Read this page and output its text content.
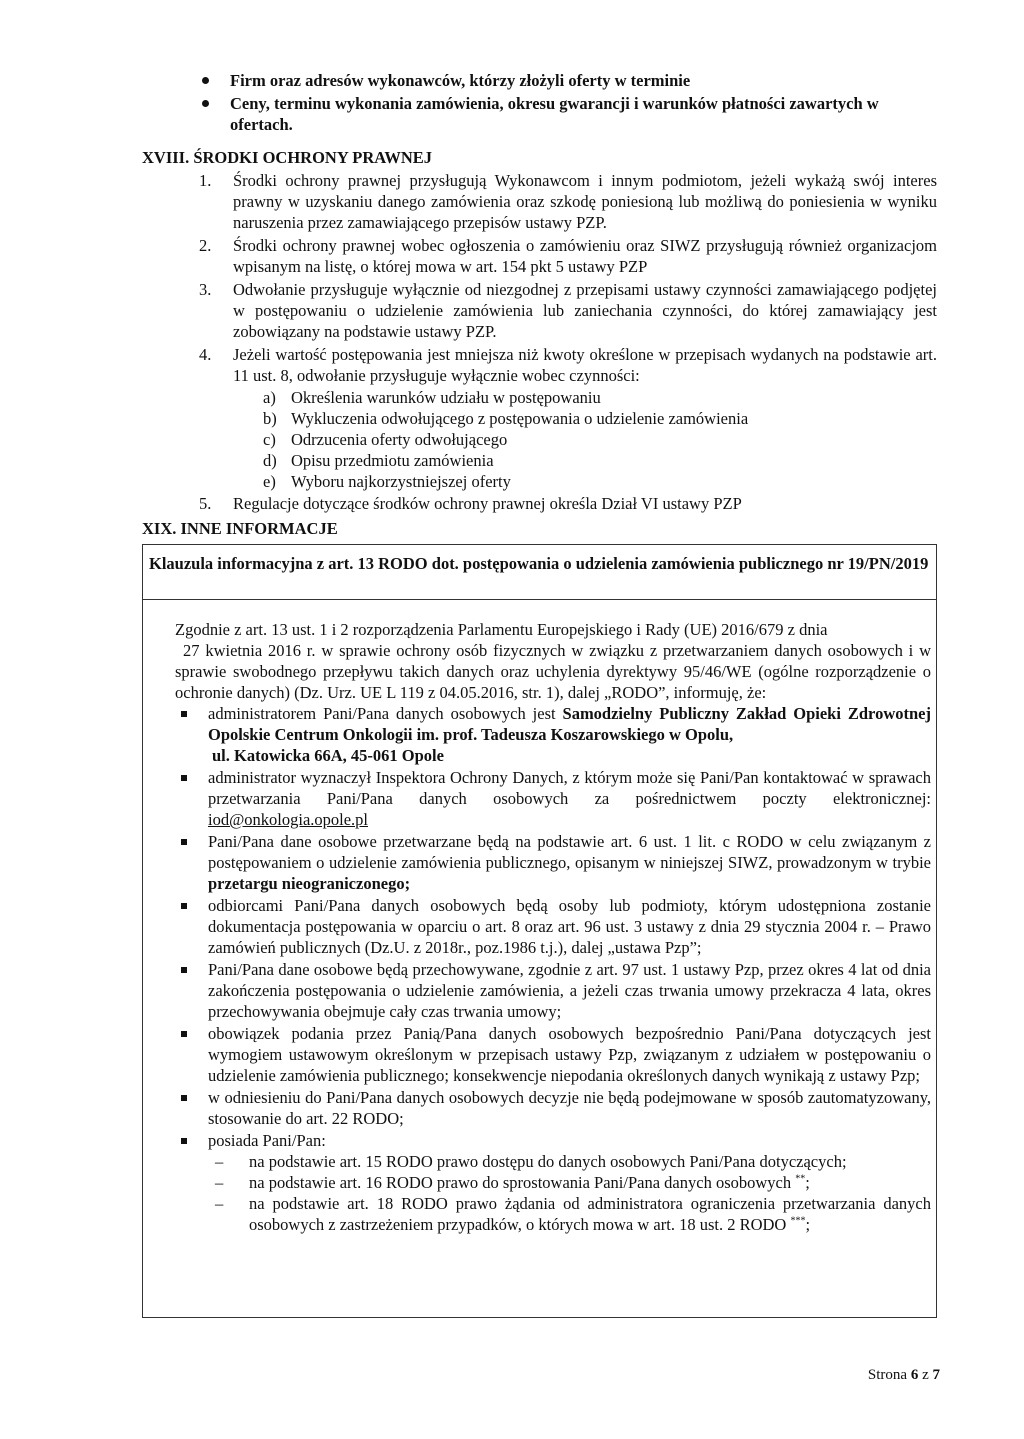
Firm oraz adresów wykonawców, którzy złożyli oferty w terminie
Ceny, terminu wykonania zamówienia, okresu gwarancji i warunków płatności zawartych w ofertach.
XVIII. ŚRODKI OCHRONY PRAWNEJ
1. Środki ochrony prawnej przysługują Wykonawcom i innym podmiotom, jeżeli wykażą swój interes prawny w uzyskaniu danego zamówienia oraz szkodę poniesioną lub możliwą do poniesienia w wyniku naruszenia przez zamawiającego przepisów ustawy PZP.
2. Środki ochrony prawnej wobec ogłoszenia o zamówieniu oraz SIWZ przysługują również organizacjom wpisanym na listę, o której mowa w art. 154 pkt 5 ustawy PZP
3. Odwołanie przysługuje wyłącznie od niezgodnej z przepisami ustawy czynności zamawiającego podjętej w postępowaniu o udzielenie zamówienia lub zaniechania czynności, do której zamawiający jest zobowiązany na podstawie ustawy PZP.
4. Jeżeli wartość postępowania jest mniejsza niż kwoty określone w przepisach wydanych na podstawie art. 11 ust. 8, odwołanie przysługuje wyłącznie wobec czynności:
a) Określenia warunków udziału w postępowaniu
b) Wykluczenia odwołującego z postępowania o udzielenie zamówienia
c) Odrzucenia oferty odwołującego
d) Opisu przedmiotu zamówienia
e) Wyboru najkorzystniejszej oferty
5. Regulacje dotyczące środków ochrony prawnej określa Dział VI ustawy PZP
XIX. INNE INFORMACJE
Klauzula informacyjna z art. 13 RODO dot. postępowania o udzielenia zamówienia publicznego nr 19/PN/2019
Zgodnie z art. 13 ust. 1 i 2 rozporządzenia Parlamentu Europejskiego i Rady (UE) 2016/679 z dnia
27 kwietnia 2016 r. w sprawie ochrony osób fizycznych w związku z przetwarzaniem danych osobowych i w sprawie swobodnego przepływu takich danych oraz uchylenia dyrektywy 95/46/WE (ogólne rozporządzenie o ochronie danych) (Dz. Urz. UE L 119 z 04.05.2016, str. 1), dalej „RODO”, informuję, że:
administratorem Pani/Pana danych osobowych jest Samodzielny Publiczny Zakład Opieki Zdrowotnej Opolskie Centrum Onkologii im. prof. Tadeusza Koszarowskiego w Opolu,
ul. Katowicka 66A, 45-061 Opole
administrator wyznaczył Inspektora Ochrony Danych, z którym może się Pani/Pan kontaktować w sprawach przetwarzania Pani/Pana danych osobowych za pośrednictwem poczty elektronicznej: iod@onkologia.opole.pl
Pani/Pana dane osobowe przetwarzane będą na podstawie art. 6 ust. 1 lit. c RODO w celu związanym z postępowaniem o udzielenie zamówienia publicznego, opisanym w niniejszej SIWZ, prowadzonym w trybie przetargu nieograniczonego;
odbiorcami Pani/Pana danych osobowych będą osoby lub podmioty, którym udostępniona zostanie dokumentacja postępowania w oparciu o art. 8 oraz art. 96 ust. 3 ustawy z dnia 29 stycznia 2004 r. – Prawo zamówień publicznych (Dz.U. z 2018r., poz.1986 t.j.), dalej „ustawa Pzp”;
Pani/Pana dane osobowe będą przechowywane, zgodnie z art. 97 ust. 1 ustawy Pzp, przez okres 4 lat od dnia zakończenia postępowania o udzielenie zamówienia, a jeżeli czas trwania umowy przekracza 4 lata, okres przechowywania obejmuje cały czas trwania umowy;
obowiązek podania przez Panią/Pana danych osobowych bezpośrednio Pani/Pana dotyczących jest wymogiem ustawowym określonym w przepisach ustawy Pzp, związanym z udziałem w postępowaniu o udzielenie zamówienia publicznego; konsekwencje niepodania określonych danych wynikają z ustawy Pzp;
w odniesieniu do Pani/Pana danych osobowych decyzje nie będą podejmowane w sposób zautomatyzowany, stosowanie do art. 22 RODO;
posiada Pani/Pan:
– na podstawie art. 15 RODO prawo dostępu do danych osobowych Pani/Pana dotyczących;
– na podstawie art. 16 RODO prawo do sprostowania Pani/Pana danych osobowych **;
– na podstawie art. 18 RODO prawo żądania od administratora ograniczenia przetwarzania danych osobowych z zastrzeżeniem przypadków, o których mowa w art. 18 ust. 2 RODO ***;
Strona 6 z 7
